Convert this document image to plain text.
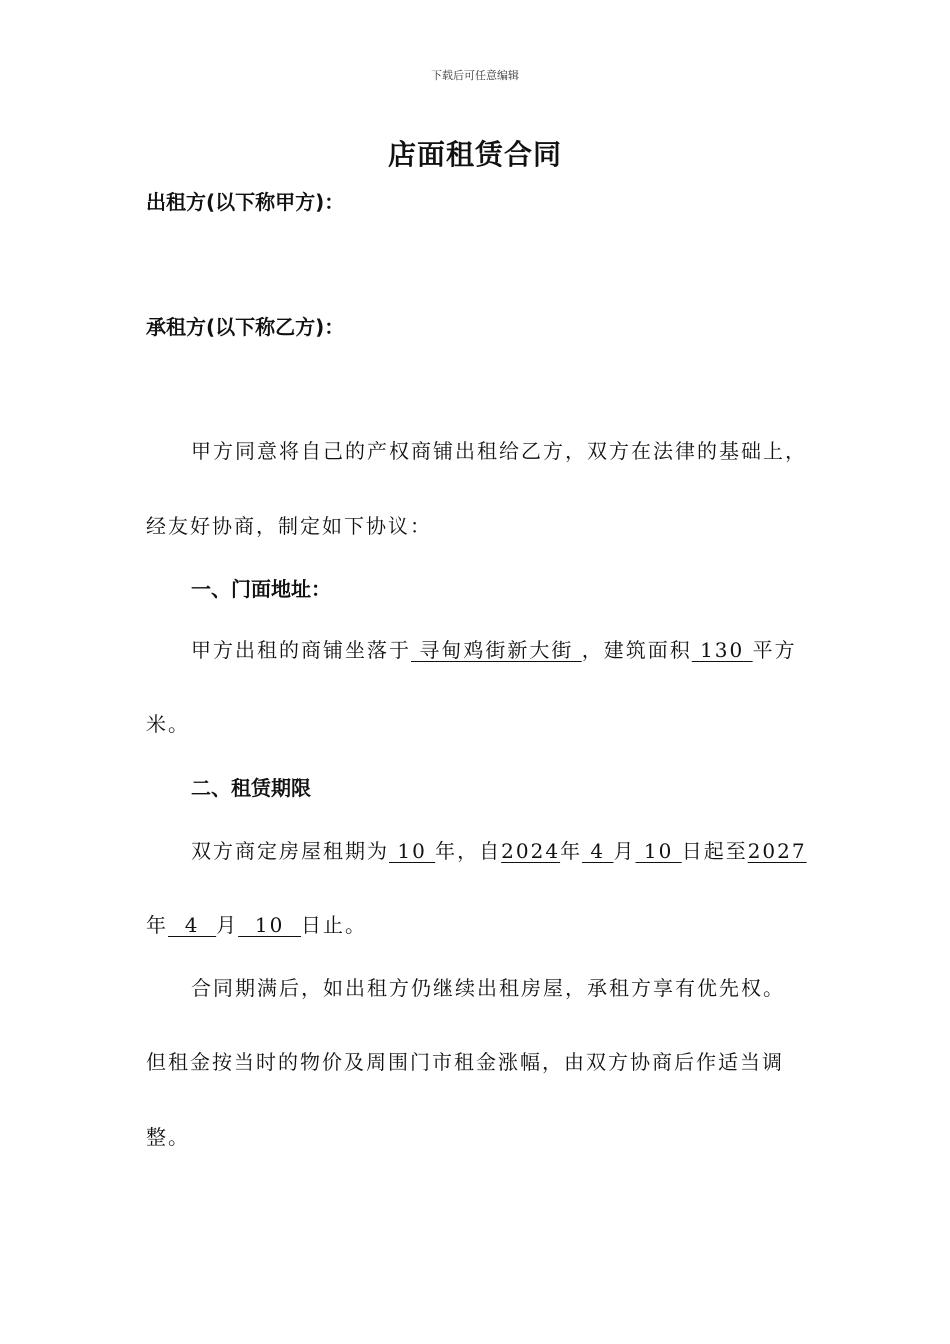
下载后可任意编辑
店面租赁合同
出租方(以下称甲方)：
承租方(以下称乙方)：
甲方同意将自己的产权商铺出租给乙方，双方在法律的基础上，
经友好协商，制定如下协议：
一、门面地址：
甲方出租的商铺坐落于 寻甸鸡街新大街 ，建筑面积 130 平方
米。
二、租赁期限
双方商定房屋租期为 10 年，自2024年 4 月 10 日起至2027
年  4  月  10  日止。
合同期满后，如出租方仍继续出租房屋，承租方享有优先权。
但租金按当时的物价及周围门市租金涨幅，由双方协商后作适当调
整。
